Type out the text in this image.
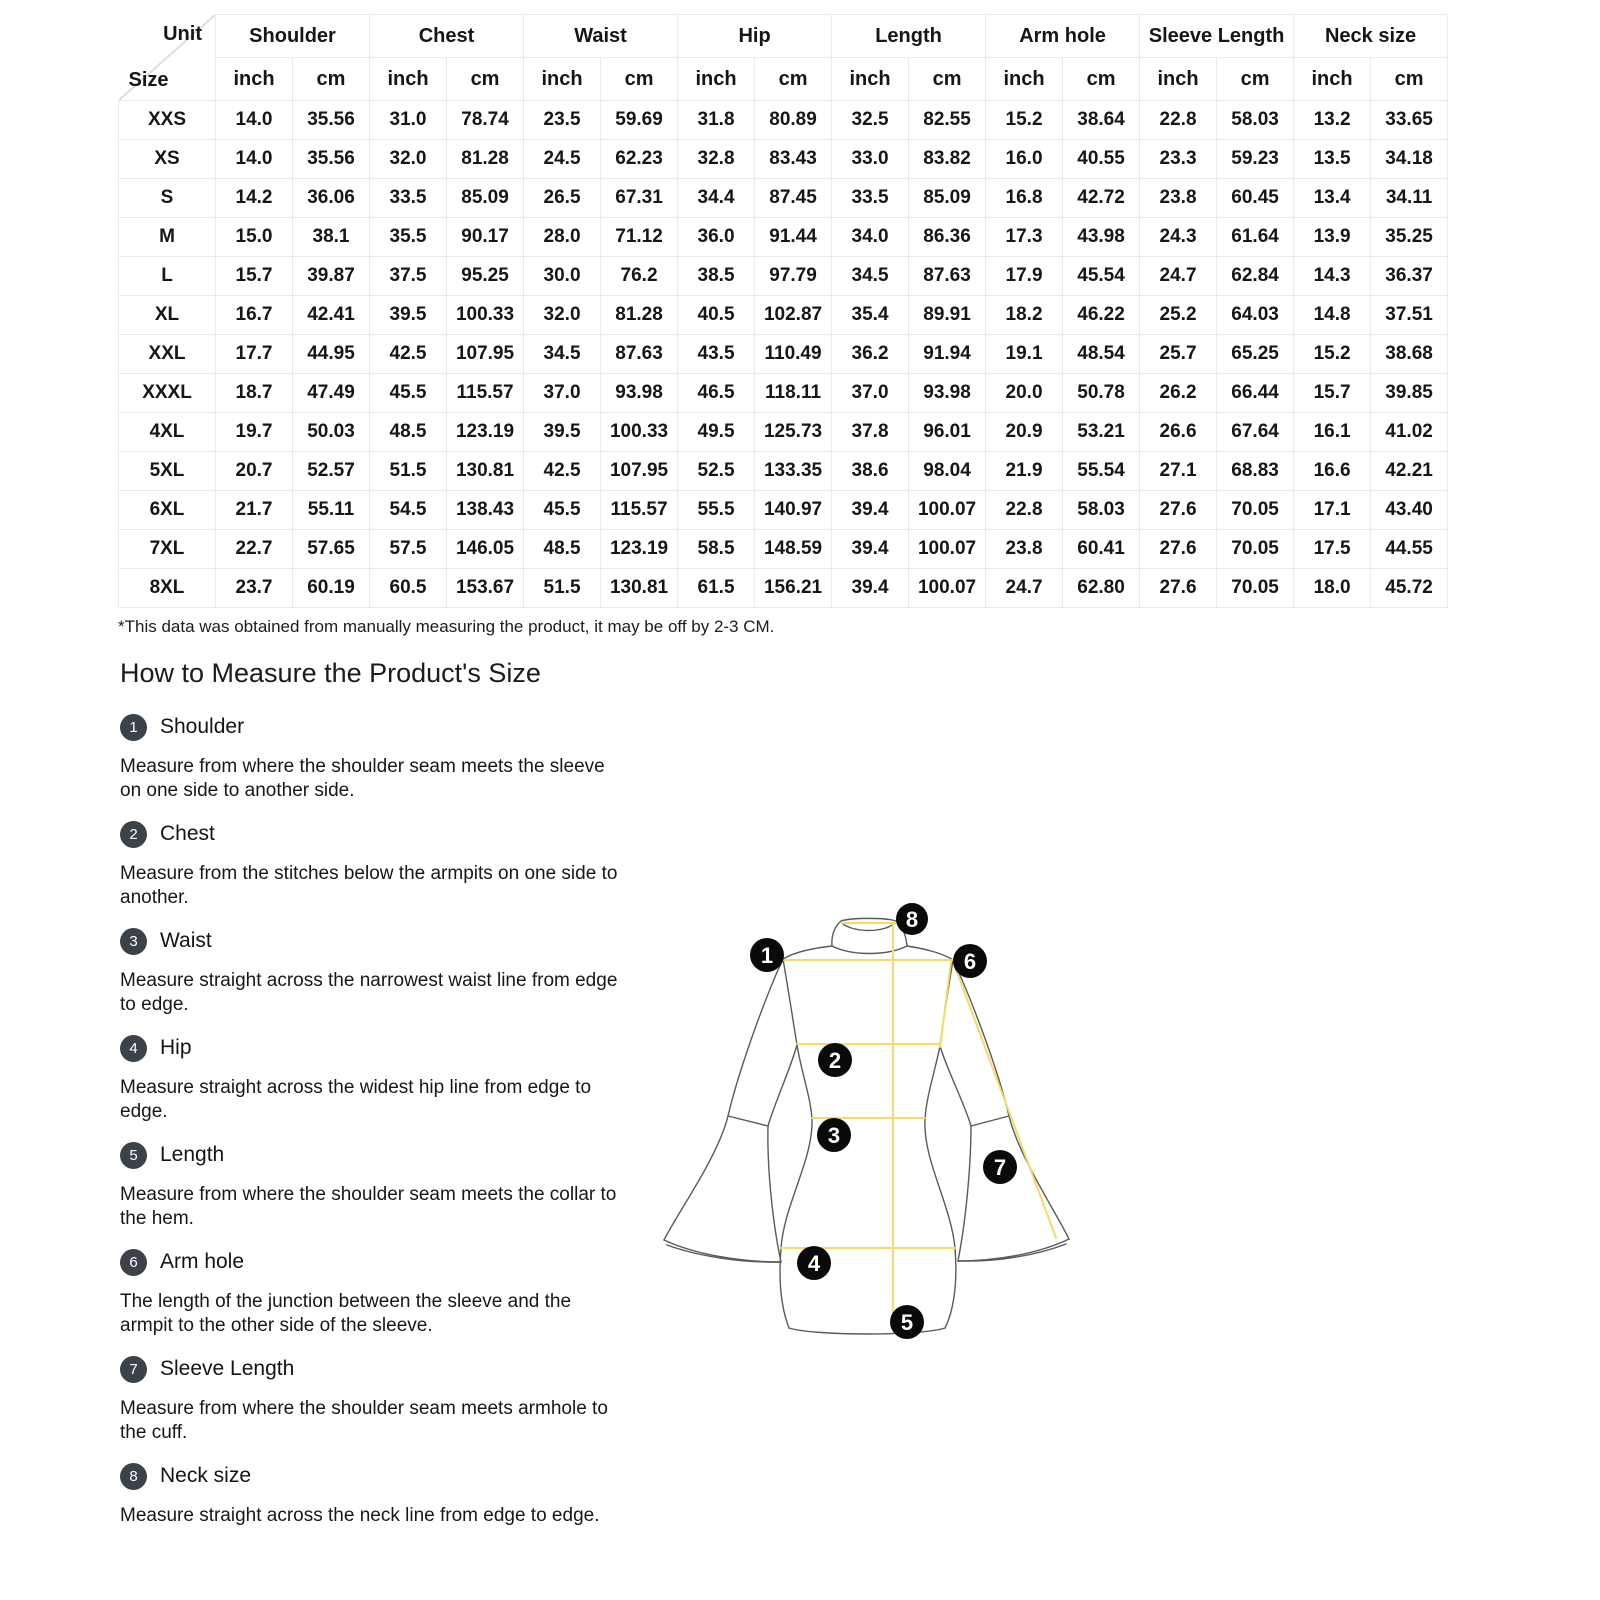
Unit
Size	Shoulder		Chest		Waist		Hip		Length		Arm hole		Sleeve Length		Neck size	
	inch	cm	inch	cm	inch	cm	inch	cm	inch	cm	inch	cm	inch	cm	inch	cm
XXS	14.0	35.56	31.0	78.74	23.5	59.69	31.8	80.89	32.5	82.55	15.2	38.64	22.8	58.03	13.2	33.65
XS	14.0	35.56	32.0	81.28	24.5	62.23	32.8	83.43	33.0	83.82	16.0	40.55	23.3	59.23	13.5	34.18
S	14.2	36.06	33.5	85.09	26.5	67.31	34.4	87.45	33.5	85.09	16.8	42.72	23.8	60.45	13.4	34.11
M	15.0	38.1	35.5	90.17	28.0	71.12	36.0	91.44	34.0	86.36	17.3	43.98	24.3	61.64	13.9	35.25
L	15.7	39.87	37.5	95.25	30.0	76.2	38.5	97.79	34.5	87.63	17.9	45.54	24.7	62.84	14.3	36.37
XL	16.7	42.41	39.5	100.33	32.0	81.28	40.5	102.87	35.4	89.91	18.2	46.22	25.2	64.03	14.8	37.51
XXL	17.7	44.95	42.5	107.95	34.5	87.63	43.5	110.49	36.2	91.94	19.1	48.54	25.7	65.25	15.2	38.68
XXXL	18.7	47.49	45.5	115.57	37.0	93.98	46.5	118.11	37.0	93.98	20.0	50.78	26.2	66.44	15.7	39.85
4XL	19.7	50.03	48.5	123.19	39.5	100.33	49.5	125.73	37.8	96.01	20.9	53.21	26.6	67.64	16.1	41.02
5XL	20.7	52.57	51.5	130.81	42.5	107.95	52.5	133.35	38.6	98.04	21.9	55.54	27.1	68.83	16.6	42.21
6XL	21.7	55.11	54.5	138.43	45.5	115.57	55.5	140.97	39.4	100.07	22.8	58.03	27.6	70.05	17.1	43.40
7XL	22.7	57.65	57.5	146.05	48.5	123.19	58.5	148.59	39.4	100.07	23.8	60.41	27.6	70.05	17.5	44.55
8XL	23.7	60.19	60.5	153.67	51.5	130.81	61.5	156.21	39.4	100.07	24.7	62.80	27.6	70.05	18.0	45.72

*This data was obtained from manually measuring the product, it may be off by 2-3 CM.

How to Measure the Product's Size
1	Shoulder

Measure from where the shoulder seam meets the sleeve on one side to another side.

2	Chest

Measure from the stitches below the armpits on one side to another.

3	Waist

Measure straight across the narrowest waist line from edge to edge.

4	Hip

Measure straight across the widest hip line from edge to edge.

5	Length

Measure from where the shoulder seam meets the collar to the hem.

6	Arm hole

The length of the junction between the sleeve and the armpit to the other side of the sleeve.

7	Sleeve Length

Measure from where the shoulder seam meets armhole to the cuff.

8	Neck size

Measure straight across the neck line from edge to edge.

1
2
3
4
5
6
7
8
